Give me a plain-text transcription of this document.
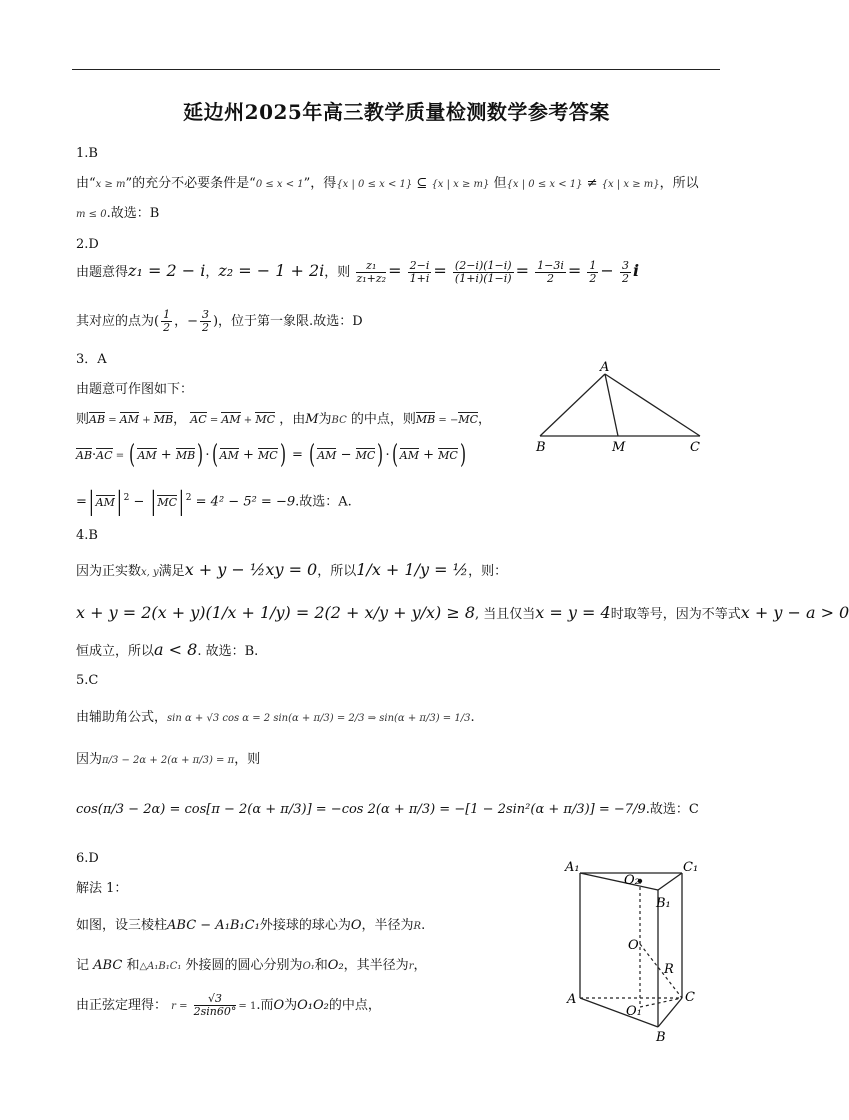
延边州2025年高三教学质量检测数学参考答案
1.B
由“x ≥ m”的充分不必要条件是“0 ≤ x < 1”，得{x | 0 ≤ x < 1} ⊆ {x | x ≥ m} 但{x | 0 ≤ x < 1} ≠ {x | x ≥ m}，所以
m ≤ 0.故选：B
2.D
由题意得z₁ = 2 − i，z₂ = − 1 + 2i，则 $\frac{\text{z₁}}{\text{z₁+z₂}} = \frac{2-i}{1+i} = \frac{(2-i)(1-i)}{(1+i)(1-i)} = \frac{1-3i}{2} = \frac{1}{2} - \frac{3}{2}$ i
其对应的点为( $\frac{1}{2}$ ，− $\frac{3}{2}$ )，位于第一象限.故选：D
3．A
由题意可作图如下：
则AB = AM + MB， AC = AM + MC ，由M为BC 的中点，则MB = −MC，
AB·AC = ( AM + MB) ·( AM + MC) = ( AM − MC) ·( AM + MC)
=| AM| $^2$ − | MC| $^2$ = 4² − 5² = −9.故选：A.
A
B	M	C
4.B
因为正实数x, y满足x + y − ½xy = 0，所以1/x + 1/y = ½，则：
x + y = 2(x + y)(1/x + 1/y) = 2(2 + x/y + y/x) ≥ 8, 当且仅当x = y = 4时取等号，因为不等式x + y − a > 0
恒成立，所以a < 8. 故选：B.
5.C
由辅助角公式，sin α + √3 cos α = 2 sin(α + π/3) = 2/3 ⇒ sin(α + π/3) = 1/3.
因为π/3 − 2α + 2(α + π/3) = π，则
cos(π/3 − 2α) = cos[π − 2(α + π/3)] = −cos 2(α + π/3) = −[1 − 2sin²(α + π/3)] = −7/9.故选：C
6.D
解法 1：
如图，设三棱柱ABC − A₁B₁C₁外接球的球心为O，半径为R.
记 ABC 和△A₁B₁C₁ 外接圆的圆心分别为O₁和O₂，其半径为r，
由正弦定理得： $r = \frac{√3}{2\sin 60^\circ} = 1$.而O为O₁O₂的中点，
A₁
O₂
C₁
B₁
O
R
A	C
O₁
B
